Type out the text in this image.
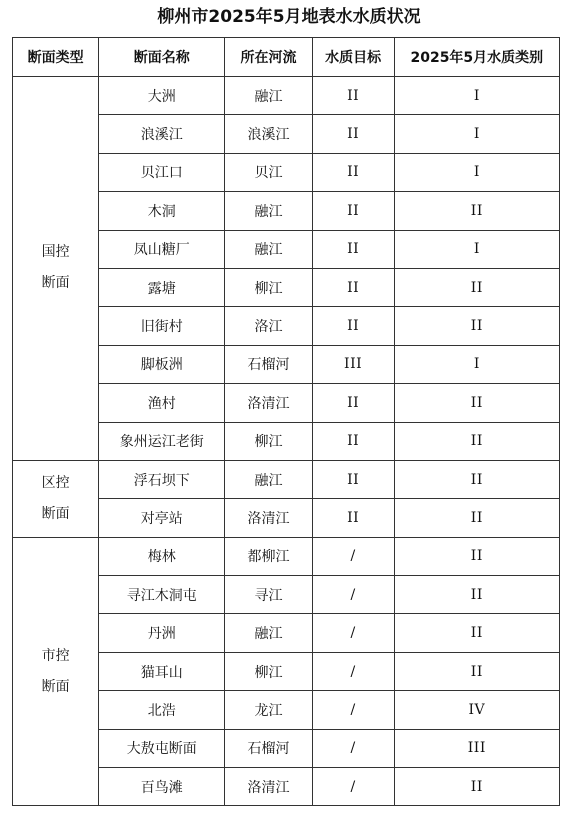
柳州市2025年5月地表水水质状况
断面类型	断面名称	所在河流	水质目标	2025年5月水质类别

国控
断面	大洲	融江	II	I
	浪溪江	浪溪江	II	I
	贝江口	贝江	II	I
	木洞	融江	II	II
	凤山糖厂	融江	II	I
	露塘	柳江	II	II
	旧街村	洛江	II	II
	脚板洲	石榴河	III	I
	渔村	洛清江	II	II
	象州运江老街	柳江	II	II

区控
断面	浮石坝下	融江	II	II
	对亭站	洛清江	II	II

市控
断面	梅林	都柳江	/	II
	寻江木洞屯	寻江	/	II
	丹洲	融江	/	II
	猫耳山	柳江	/	II
	北浩	龙江	/	IV
	大敖屯断面	石榴河	/	III
	百鸟滩	洛清江	/	II
